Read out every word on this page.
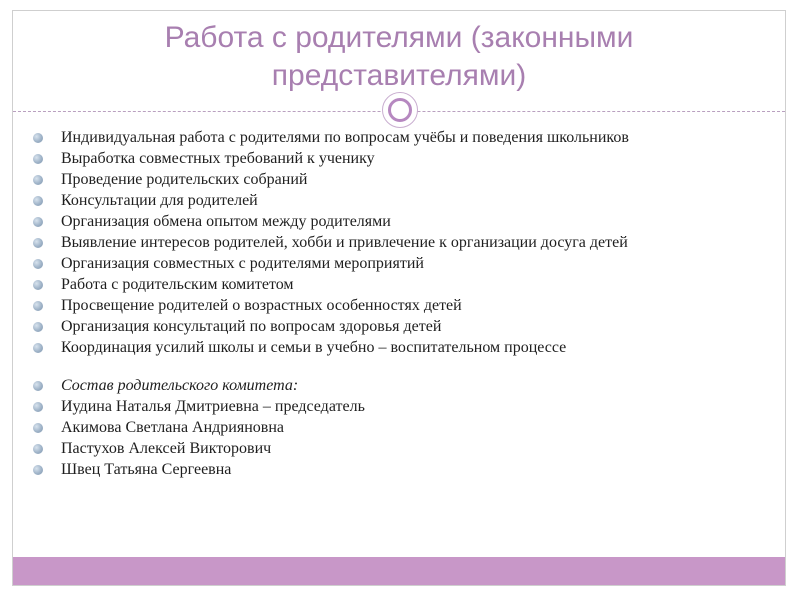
Работа с родителями (законными
представителями)
Индивидуальная работа с родителями по вопросам учёбы и поведения школьников
Выработка совместных требований к ученику
Проведение родительских собраний
Консультации для родителей
Организация обмена опытом между родителями
Выявление интересов родителей, хобби и привлечение к организации досуга детей
Организация совместных с родителями мероприятий
Работа с родительским комитетом
Просвещение родителей о возрастных особенностях детей
Организация консультаций по вопросам здоровья детей
Координация усилий школы и семьи в учебно – воспитательном процессе
Состав родительского комитета:
Иудина Наталья Дмитриевна – председатель
Акимова Светлана Андрияновна
Пастухов Алексей Викторович
Швец Татьяна Сергеевна
